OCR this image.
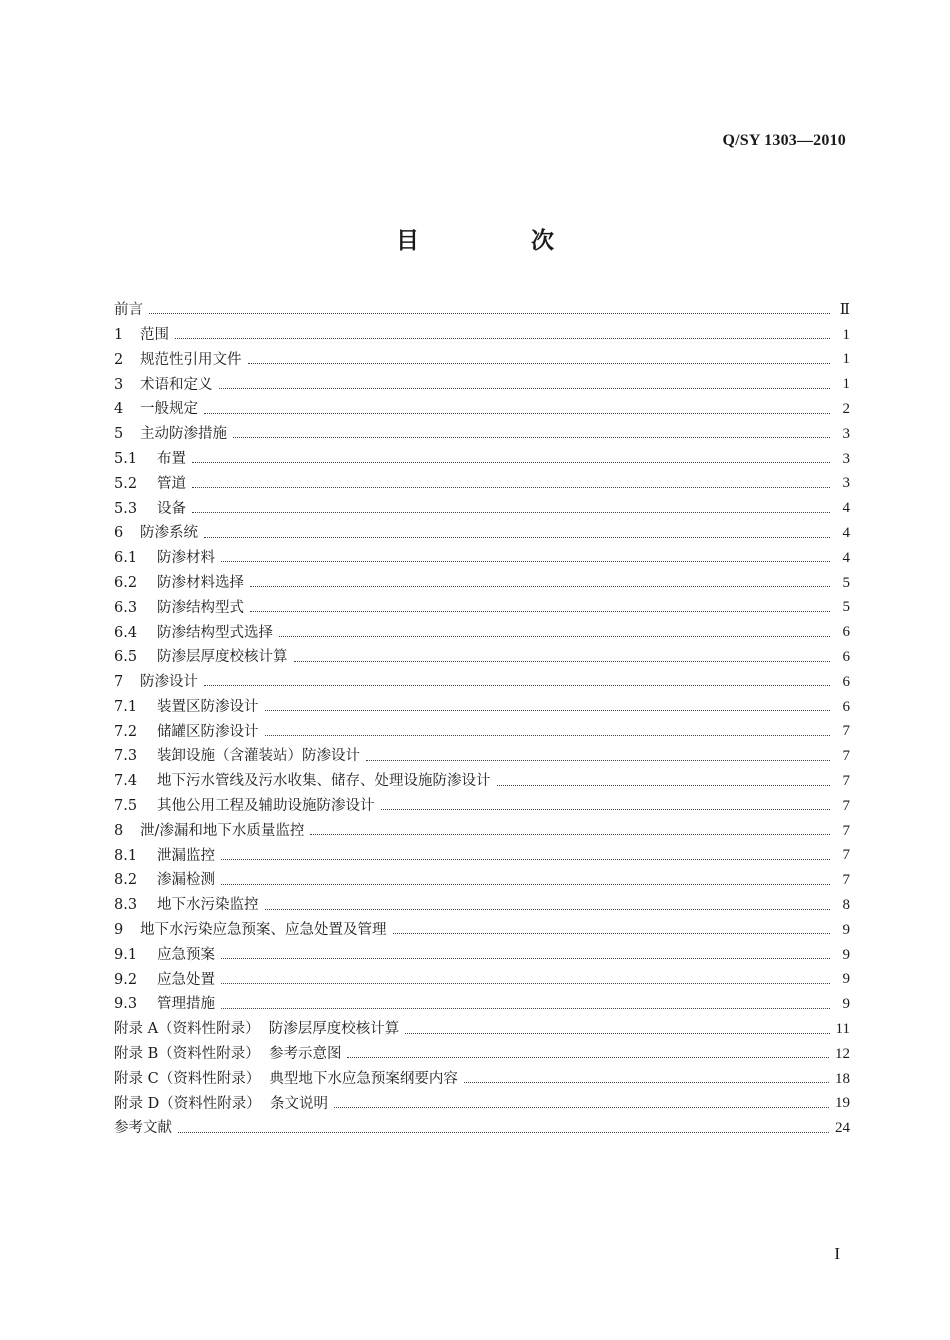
Q/SY 1303—2010
目 次
前言	Ⅱ
1	范围	1
2	规范性引用文件	1
3	术语和定义	1
4	一般规定	2
5	主动防渗措施	3
5.1	布置	3
5.2	管道	3
5.3	设备	4
6	防渗系统	4
6.1	防渗材料	4
6.2	防渗材料选择	5
6.3	防渗结构型式	5
6.4	防渗结构型式选择	6
6.5	防渗层厚度校核计算	6
7	防渗设计	6
7.1	装置区防渗设计	6
7.2	储罐区防渗设计	7
7.3	装卸设施（含灌装站）防渗设计	7
7.4	地下污水管线及污水收集、储存、处理设施防渗设计	7
7.5	其他公用工程及辅助设施防渗设计	7
8	泄/渗漏和地下水质量监控	7
8.1	泄漏监控	7
8.2	渗漏检测	7
8.3	地下水污染监控	8
9	地下水污染应急预案、应急处置及管理	9
9.1	应急预案	9
9.2	应急处置	9
9.3	管理措施	9
附录 A（资料性附录）  防渗层厚度校核计算	11
附录 B（资料性附录）  参考示意图	12
附录 C（资料性附录）  典型地下水应急预案纲要内容	18
附录 D（资料性附录）  条文说明	19
参考文献	24
I
